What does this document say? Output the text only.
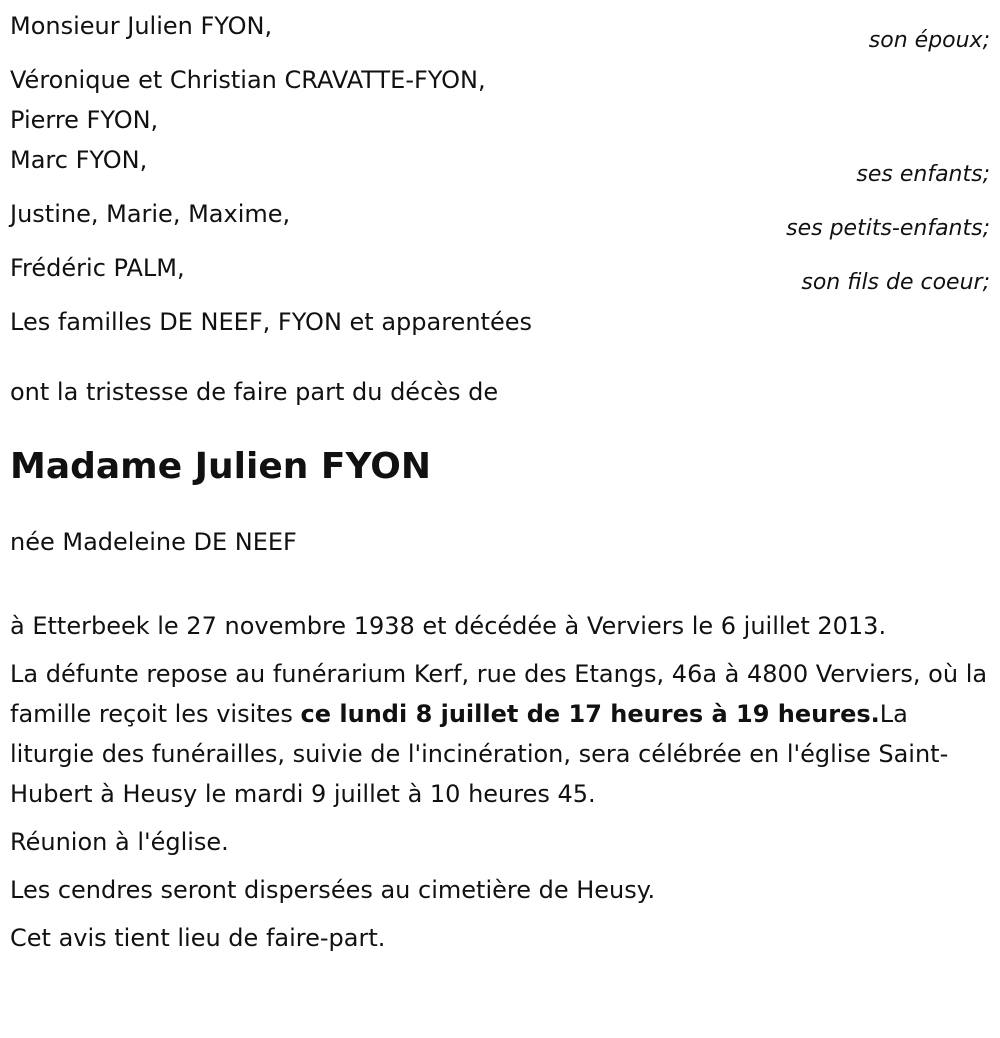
Monsieur Julien FYON,
son époux;
Véronique et Christian CRAVATTE-FYON,
Pierre FYON,
Marc FYON,
ses enfants;
Justine, Marie, Maxime,
ses petits-enfants;
Frédéric PALM,
son fils de coeur;
Les familles DE NEEF, FYON et apparentées
ont la tristesse de faire part du décès de
Madame Julien FYON
née Madeleine DE NEEF
à Etterbeek le 27 novembre 1938 et décédée à Verviers le 6 juillet 2013.

La défunte repose au funérarium Kerf, rue des Etangs, 46a à 4800 Verviers, où la famille reçoit les visites ce lundi 8 juillet de 17 heures à 19 heures.La liturgie des funérailles, suivie de l'incinération, sera célébrée en l'église Saint-Hubert à Heusy le mardi 9 juillet à 10 heures 45.

Réunion à l'église.
Les cendres seront dispersées au cimetière de Heusy.
Cet avis tient lieu de faire-part.
